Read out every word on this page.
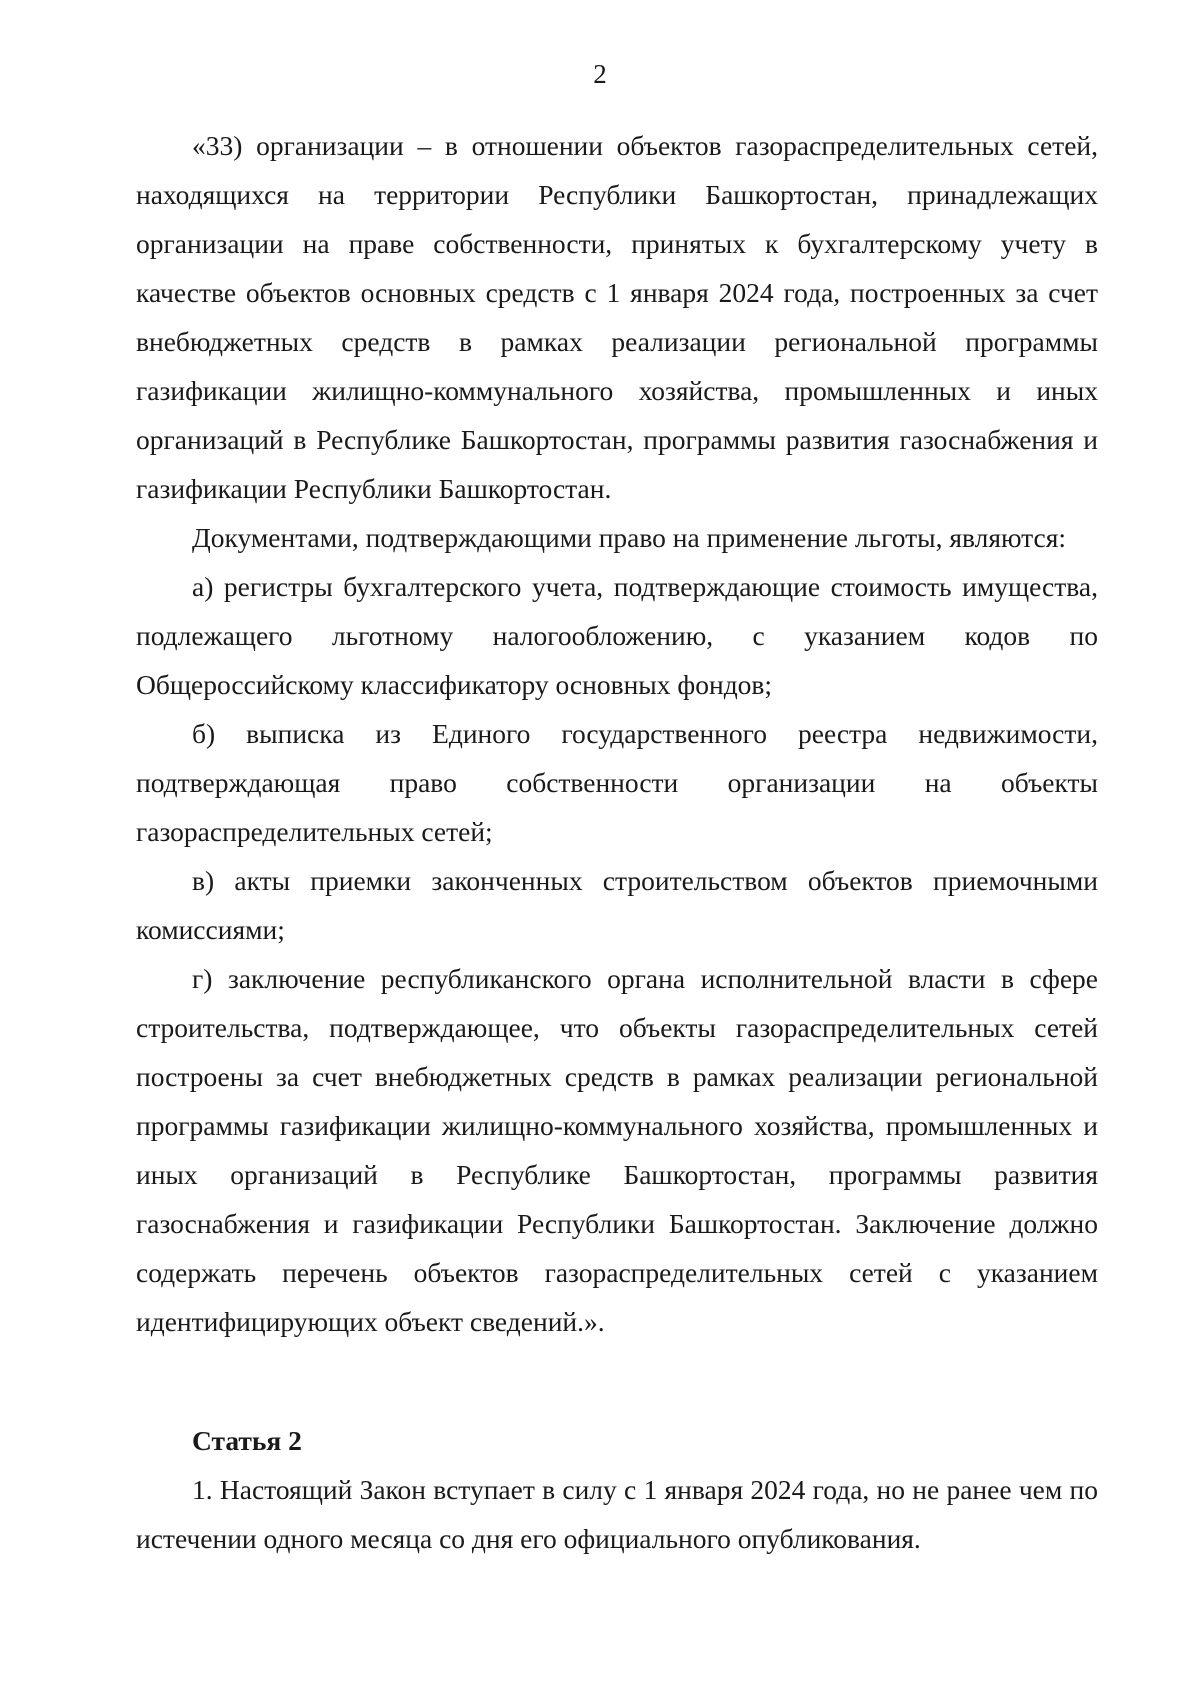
2

«33) организации – в отношении объектов газораспределительных сетей, находящихся на территории Республики Башкортостан, принадлежащих организации на праве собственности, принятых к бухгалтерскому учету в качестве объектов основных средств с 1 января 2024 года, построенных за счет внебюджетных средств в рамках реализации региональной программы газификации жилищно-коммунального хозяйства, промышленных и иных организаций в Республике Башкортостан, программы развития газоснабжения и газификации Республики Башкортостан.

Документами, подтверждающими право на применение льготы, являются:

а) регистры бухгалтерского учета, подтверждающие стоимость имущества, подлежащего льготному налогообложению, с указанием кодов по Общероссийскому классификатору основных фондов;

б) выписка из Единого государственного реестра недвижимости, подтверждающая право собственности организации на объекты газораспределительных сетей;

в) акты приемки законченных строительством объектов приемочными комиссиями;

г) заключение республиканского органа исполнительной власти в сфере строительства, подтверждающее, что объекты газораспределительных сетей построены за счет внебюджетных средств в рамках реализации региональной программы газификации жилищно-коммунального хозяйства, промышленных и иных организаций в Республике Башкортостан, программы развития газоснабжения и газификации Республики Башкортостан. Заключение должно содержать перечень объектов газораспределительных сетей с указанием идентифицирующих объект сведений.».

Статья 2

1. Настоящий Закон вступает в силу с 1 января 2024 года, но не ранее чем по истечении одного месяца со дня его официального опубликования.
